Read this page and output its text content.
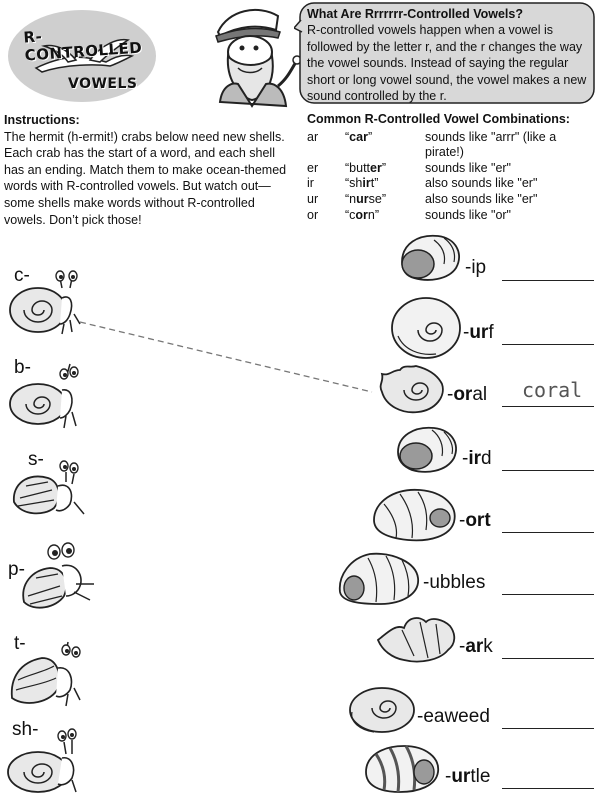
R-CONTROLLED
VOWELS
What Are Rrrrrrr-Controlled Vowels?
R-controlled vowels happen when a vowel is followed by the letter r, and the r changes the way the vowel sounds. Instead of saying the regular short or long vowel sound, the vowel makes a new sound controlled by the r.
Instructions:
The hermit (h-ermit!) crabs below need new shells. Each crab has the start of a word, and each shell has an ending. Match them to make ocean-themed words with R-controlled vowels. But watch out—some shells make words without R-controlled vowels. Don’t pick those!
Common R-Controlled Vowel Combinations:
ar	“car”	sounds like "arrr" (like a pirate!)
er	“butter”	sounds like "er"
ir	“shirt”	also sounds like "er"
ur	“nurse”	also sounds like "er"
or	“corn”	sounds like "or"
c-
b-
s-
p-
t-
sh-
-ip
-urf
-oral coral
-ird
-ort
-ubbles
-ark
-eaweed
-urtle
